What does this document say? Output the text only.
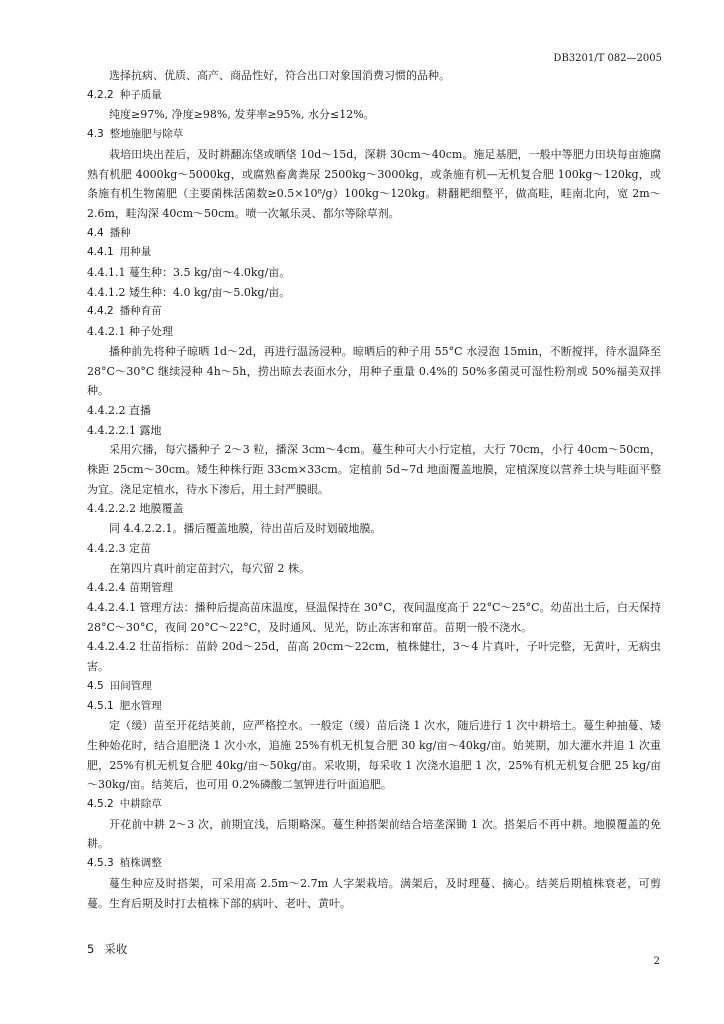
DB3201/T 082—2005
选择抗病、优质、高产、商品性好，符合出口对象国消费习惯的品种。
4.2.2 种子质量
纯度≥97%, 净度≥98%, 发芽率≥95%, 水分≤12%。
4.3 整地施肥与除草
栽培田块出茬后，及时耕翻冻垡或晒垡 10d～15d，深耕 30cm～40cm。施足基肥，一般中等肥力田块每亩施腐熟有机肥 4000kg～5000kg，或腐熟畜禽粪尿 2500kg～3000kg，或条施有机—无机复合肥 100kg～120kg，或条施有机生物菌肥（主要菌株活菌数≥0.5×10⁸/g）100kg～120kg。耕翻耙细整平，做高畦，畦南北向，宽 2m～2.6m，畦沟深 40cm～50cm。喷一次氟乐灵、都尔等除草剂。
4.4 播种
4.4.1 用种量
4.4.1.1 蔓生种：3.5 kg/亩～4.0kg/亩。
4.4.1.2 矮生种：4.0 kg/亩～5.0kg/亩。
4.4.2 播种育苗
4.4.2.1 种子处理
播种前先将种子晾晒 1d～2d，再进行温汤浸种。晾晒后的种子用 55°C 水浸泡 15min，不断搅拌，待水温降至 28°C～30°C 继续浸种 4h～5h，捞出晾去表面水分，用种子重量 0.4%的 50%多菌灵可湿性粉剂或 50%福美双拌种。
4.4.2.2 直播
4.4.2.2.1 露地
采用穴播，每穴播种子 2～3 粒，播深 3cm～4cm。蔓生种可大小行定植，大行 70cm，小行 40cm～50cm，株距 25cm～30cm。矮生种株行距 33cm×33cm。定植前 5d~7d 地面覆盖地膜，定植深度以营养土块与畦面平整为宜。浇足定植水，待水下渗后，用土封严膜眼。
4.4.2.2.2 地膜覆盖
同 4.4.2.2.1。播后覆盖地膜，待出苗后及时划破地膜。
4.4.2.3 定苗
在第四片真叶前定苗封穴，每穴留 2 株。
4.4.2.4 苗期管理
4.4.2.4.1 管理方法：播种后提高苗床温度，昼温保持在 30°C，夜间温度高于 22°C～25°C。幼苗出土后，白天保持 28°C～30°C，夜间 20°C～22°C，及时通风、见光，防止冻害和窜苗。苗期一般不浇水。
4.4.2.4.2 壮苗指标：苗龄 20d～25d，苗高 20cm～22cm，植株健壮，3～4 片真叶，子叶完整，无黄叶，无病虫害。
4.5 田间管理
4.5.1 肥水管理
定（缓）苗至开花结荚前，应严格控水。一般定（缓）苗后浇 1 次水，随后进行 1 次中耕培土。蔓生种抽蔓、矮生种始花时，结合追肥浇 1 次小水，追施 25%有机无机复合肥 30 kg/亩～40kg/亩。始荚期，加大灌水并追 1 次重肥，25%有机无机复合肥 40kg/亩～50kg/亩。采收期，每采收 1 次浇水追肥 1 次，25%有机无机复合肥 25 kg/亩～30kg/亩。结荚后，也可用 0.2%磷酸二氢钾进行叶面追肥。
4.5.2 中耕除草
开花前中耕 2～3 次，前期宜浅，后期略深。蔓生种搭架前结合培垄深锄 1 次。搭架后不再中耕。地膜覆盖的免耕。
4.5.3 植株调整
蔓生种应及时搭架，可采用高 2.5m～2.7m 人字架栽培。满架后，及时理蔓、摘心。结荚后期植株衰老，可剪蔓。生育后期及时打去植株下部的病叶、老叶、黄叶。
5 采收
2
